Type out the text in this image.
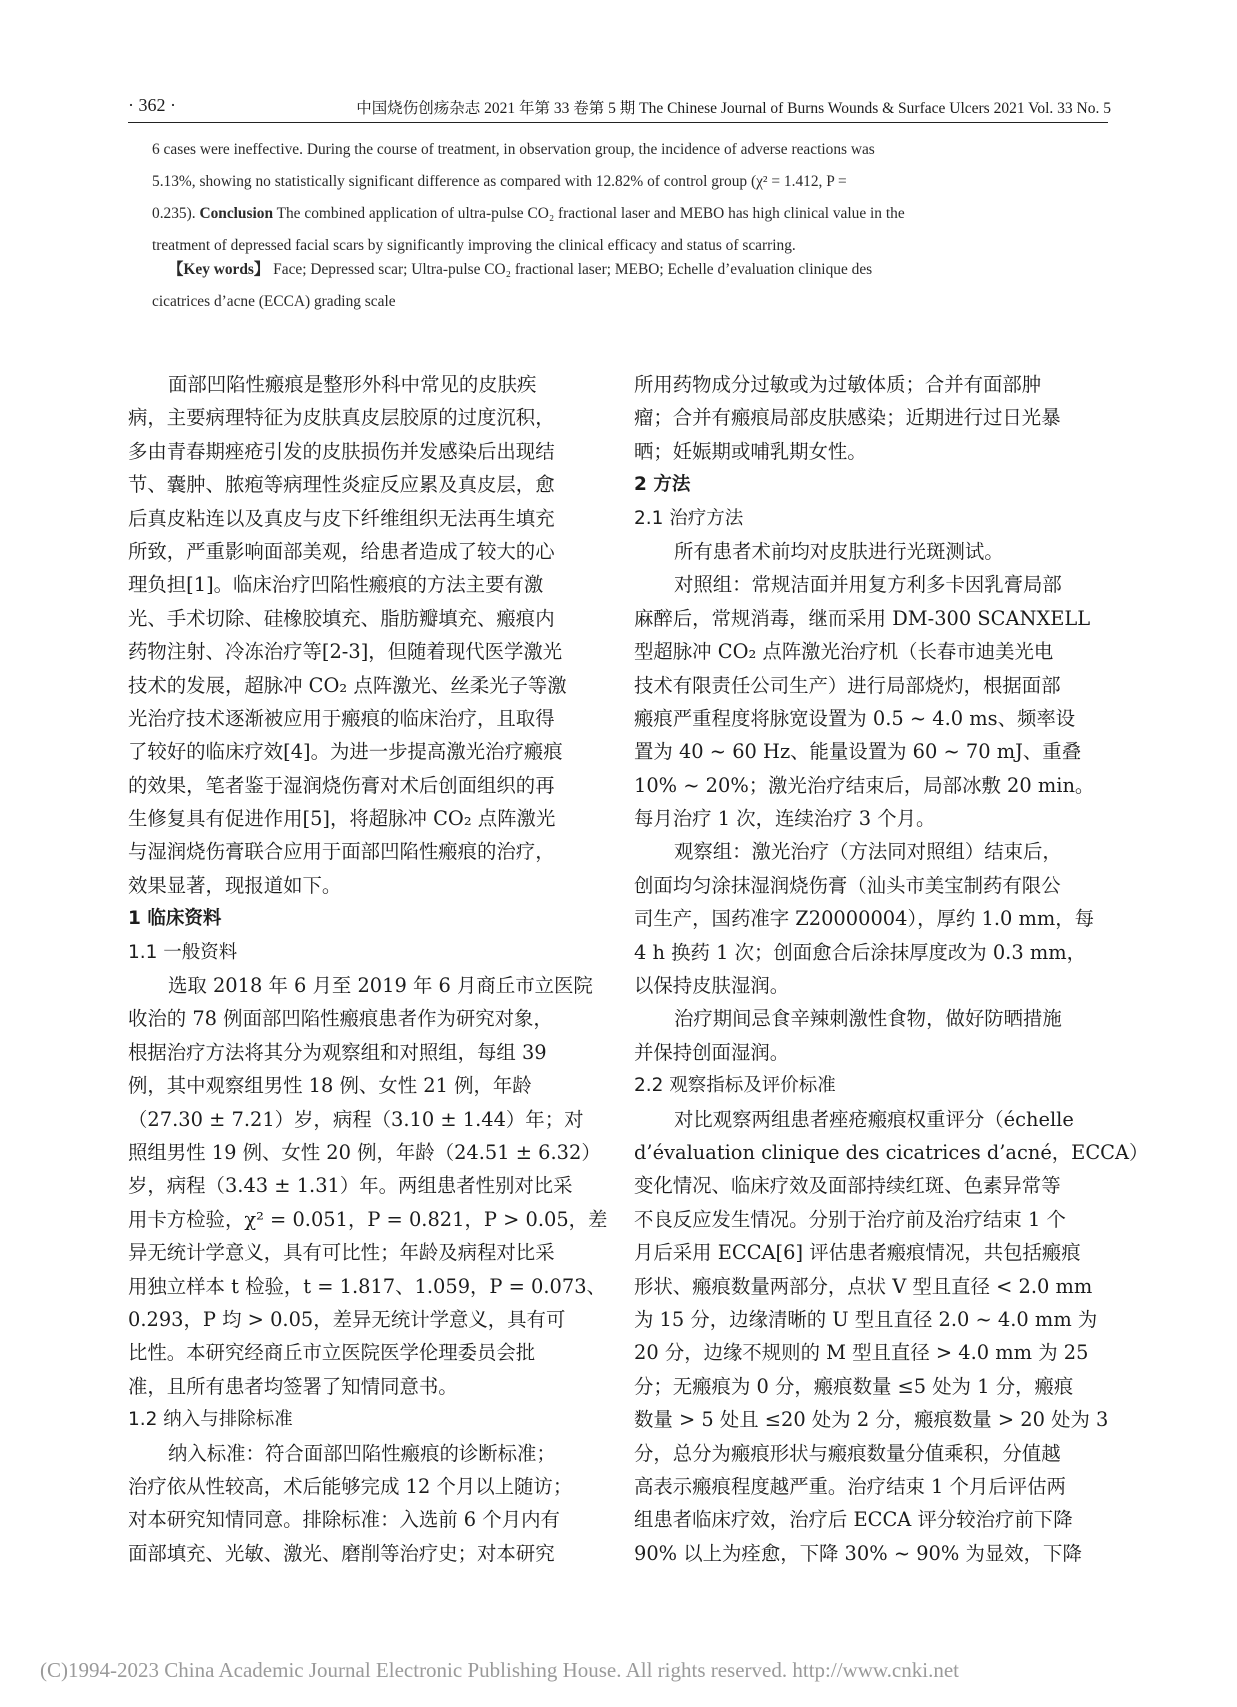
· 362 ·	中国烧伤创疡杂志 2021 年第 33 卷第 5 期 The Chinese Journal of Burns Wounds & Surface Ulcers 2021 Vol. 33 No. 5
6 cases were ineffective. During the course of treatment, in observation group, the incidence of adverse reactions was
5.13%, showing no statistically significant difference as compared with 12.82% of control group (χ² = 1.412, P =
0.235). Conclusion The combined application of ultra-pulse CO₂ fractional laser and MEBO has high clinical value in the
treatment of depressed facial scars by significantly improving the clinical efficacy and status of scarring.
【Key words】 Face; Depressed scar; Ultra-pulse CO₂ fractional laser; MEBO; Echelle d’evaluation clinique des
cicatrices d’acne (ECCA) grading scale
面部凹陷性瘢痕是整形外科中常见的皮肤疾
病，主要病理特征为皮肤真皮层胶原的过度沉积，
多由青春期痤疮引发的皮肤损伤并发感染后出现结
节、囊肿、脓疱等病理性炎症反应累及真皮层，愈
后真皮粘连以及真皮与皮下纤维组织无法再生填充
所致，严重影响面部美观，给患者造成了较大的心
理负担[1]。临床治疗凹陷性瘢痕的方法主要有激
光、手术切除、硅橡胶填充、脂肪瓣填充、瘢痕内
药物注射、冷冻治疗等[2-3]，但随着现代医学激光
技术的发展，超脉冲 CO₂ 点阵激光、丝柔光子等激
光治疗技术逐渐被应用于瘢痕的临床治疗，且取得
了较好的临床疗效[4]。为进一步提高激光治疗瘢痕
的效果，笔者鉴于湿润烧伤膏对术后创面组织的再
生修复具有促进作用[5]，将超脉冲 CO₂ 点阵激光
与湿润烧伤膏联合应用于面部凹陷性瘢痕的治疗，
效果显著，现报道如下。
1 临床资料
1.1 一般资料
选取 2018 年 6 月至 2019 年 6 月商丘市立医院
收治的 78 例面部凹陷性瘢痕患者作为研究对象，
根据治疗方法将其分为观察组和对照组，每组 39
例，其中观察组男性 18 例、女性 21 例，年龄
（27.30 ± 7.21）岁，病程（3.10 ± 1.44）年；对
照组男性 19 例、女性 20 例，年龄（24.51 ± 6.32）
岁，病程（3.43 ± 1.31）年。两组患者性别对比采
用卡方检验，χ² = 0.051，P = 0.821，P > 0.05，差
异无统计学意义，具有可比性；年龄及病程对比采
用独立样本 t 检验，t = 1.817、1.059，P = 0.073、
0.293，P 均 > 0.05，差异无统计学意义，具有可
比性。本研究经商丘市立医院医学伦理委员会批
准，且所有患者均签署了知情同意书。
1.2 纳入与排除标准
纳入标准：符合面部凹陷性瘢痕的诊断标准；
治疗依从性较高，术后能够完成 12 个月以上随访；
对本研究知情同意。排除标准：入选前 6 个月内有
面部填充、光敏、激光、磨削等治疗史；对本研究
所用药物成分过敏或为过敏体质；合并有面部肿
瘤；合并有瘢痕局部皮肤感染；近期进行过日光暴
晒；妊娠期或哺乳期女性。
2 方法
2.1 治疗方法
所有患者术前均对皮肤进行光斑测试。
对照组：常规洁面并用复方利多卡因乳膏局部
麻醉后，常规消毒，继而采用 DM-300 SCANXELL
型超脉冲 CO₂ 点阵激光治疗机（长春市迪美光电
技术有限责任公司生产）进行局部烧灼，根据面部
瘢痕严重程度将脉宽设置为 0.5 ~ 4.0 ms、频率设
置为 40 ~ 60 Hz、能量设置为 60 ~ 70 mJ、重叠
10% ~ 20%；激光治疗结束后，局部冰敷 20 min。
每月治疗 1 次，连续治疗 3 个月。
观察组：激光治疗（方法同对照组）结束后，
创面均匀涂抹湿润烧伤膏（汕头市美宝制药有限公
司生产，国药准字 Z20000004），厚约 1.0 mm，每
4 h 换药 1 次；创面愈合后涂抹厚度改为 0.3 mm，
以保持皮肤湿润。
治疗期间忌食辛辣刺激性食物，做好防晒措施
并保持创面湿润。
2.2 观察指标及评价标准
对比观察两组患者痤疮瘢痕权重评分（échelle
d’évaluation clinique des cicatrices d’acné，ECCA）
变化情况、临床疗效及面部持续红斑、色素异常等
不良反应发生情况。分别于治疗前及治疗结束 1 个
月后采用 ECCA[6] 评估患者瘢痕情况，共包括瘢痕
形状、瘢痕数量两部分，点状 V 型且直径 < 2.0 mm
为 15 分，边缘清晰的 U 型且直径 2.0 ~ 4.0 mm 为
20 分，边缘不规则的 M 型且直径 > 4.0 mm 为 25
分；无瘢痕为 0 分，瘢痕数量 ≤5 处为 1 分，瘢痕
数量 > 5 处且 ≤20 处为 2 分，瘢痕数量 > 20 处为 3
分，总分为瘢痕形状与瘢痕数量分值乘积，分值越
高表示瘢痕程度越严重。治疗结束 1 个月后评估两
组患者临床疗效，治疗后 ECCA 评分较治疗前下降
90% 以上为痊愈，下降 30% ~ 90% 为显效，下降
(C)1994-2023 China Academic Journal Electronic Publishing House. All rights reserved. http://www.cnki.net
